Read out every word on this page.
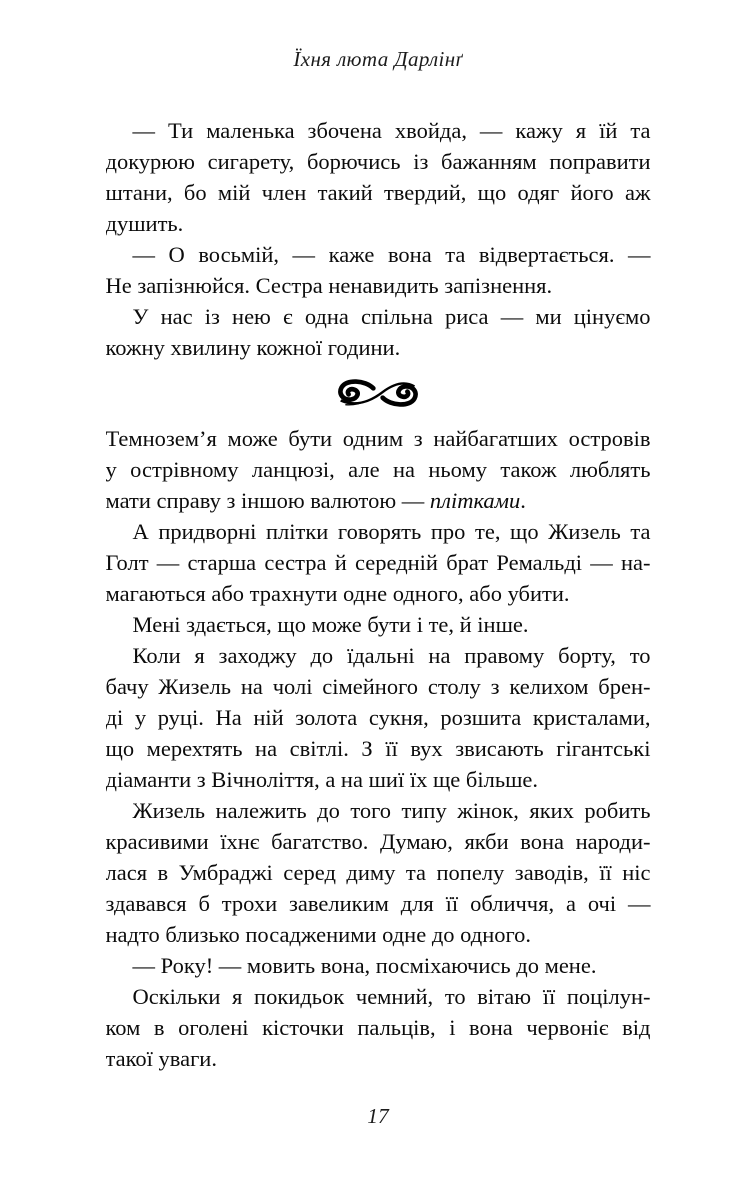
Їхня люта Дарлінґ
— Ти маленька збочена хвойда, — кажу я їй та
докурюю сигарету, борючись із бажанням поправити
штани, бо мій член такий твердий, що одяг його аж
душить.
— О восьмій, — каже вона та відвертається. —
Не запізнюйся. Сестра ненавидить запізнення.
У нас із нею є одна спільна риса — ми цінуємо
кожну хвилину кожної години.
Темнозем’я може бути одним з найбагатших островів
у острівному ланцюзі, але на ньому також люблять
мати справу з іншою валютою — плітками.
А придворні плітки говорять про те, що Жизель та
Голт — старша сестра й середній брат Ремальді — на-
магаються або трахнути одне одного, або убити.
Мені здається, що може бути і те, й інше.
Коли я заходжу до їдальні на правому борту, то
бачу Жизель на чолі сімейного столу з келихом брен-
ді у руці. На ній золота сукня, розшита кристалами,
що мерехтять на світлі. З її вух звисають гігантські
діаманти з Вічноліття, а на шиї їх ще більше.
Жизель належить до того типу жінок, яких робить
красивими їхнє багатство. Думаю, якби вона народи-
лася в Умбраджі серед диму та попелу заводів, її ніс
здавався б трохи завеликим для її обличчя, а очі —
надто близько посадженими одне до одного.
— Року! — мовить вона, посміхаючись до мене.
Оскільки я покидьок чемний, то вітаю її поцілун-
ком в оголені кісточки пальців, і вона червоніє від
такої уваги.
17
